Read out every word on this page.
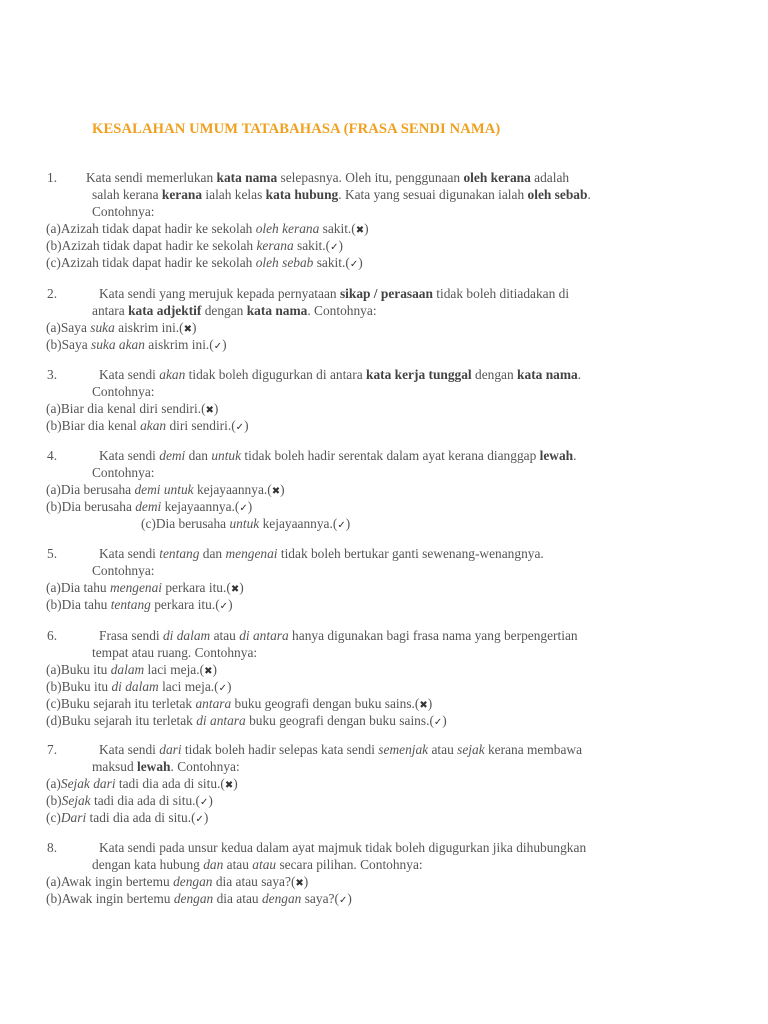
KESALAHAN UMUM TATABAHASA (FRASA SENDI NAMA)
1. Kata sendi memerlukan kata nama selepasnya. Oleh itu, penggunaan oleh kerana adalah
salah kerana kerana ialah kelas kata hubung. Kata yang sesuai digunakan ialah oleh sebab.
Contohnya:
(a)Azizah tidak dapat hadir ke sekolah oleh kerana sakit.(✖)
(b)Azizah tidak dapat hadir ke sekolah kerana sakit.(✓)
(c)Azizah tidak dapat hadir ke sekolah oleh sebab sakit.(✓)
2.	Kata sendi yang merujuk kepada pernyataan sikap / perasaan tidak boleh ditiadakan di
antara kata adjektif dengan kata nama. Contohnya:
(a)Saya suka aiskrim ini.(✖)
(b)Saya suka akan aiskrim ini.(✓)
3.	Kata sendi akan tidak boleh digugurkan di antara kata kerja tunggal dengan kata nama.
Contohnya:
(a)Biar dia kenal diri sendiri.(✖)
(b)Biar dia kenal akan diri sendiri.(✓)
4.	Kata sendi demi dan untuk tidak boleh hadir serentak dalam ayat kerana dianggap lewah.
Contohnya:
(a)Dia berusaha demi untuk kejayaannya.(✖)
(b)Dia berusaha demi kejayaannya.(✓)
(c)Dia berusaha untuk kejayaannya.(✓)
5.	Kata sendi tentang dan mengenai tidak boleh bertukar ganti sewenang-wenangnya.
Contohnya:
(a)Dia tahu mengenai perkara itu.(✖)
(b)Dia tahu tentang perkara itu.(✓)
6.	Frasa sendi di dalam atau di antara hanya digunakan bagi frasa nama yang berpengertian
tempat atau ruang. Contohnya:
(a)Buku itu dalam laci meja.(✖)
(b)Buku itu di dalam laci meja.(✓)
(c)Buku sejarah itu terletak antara buku geografi dengan buku sains.(✖)
(d)Buku sejarah itu terletak di antara buku geografi dengan buku sains.(✓)
7.	Kata sendi dari tidak boleh hadir selepas kata sendi semenjak atau sejak kerana membawa
maksud lewah. Contohnya:
(a)Sejak dari tadi dia ada di situ.(✖)
(b)Sejak tadi dia ada di situ.(✓)
(c)Dari tadi dia ada di situ.(✓)
8.	Kata sendi pada unsur kedua dalam ayat majmuk tidak boleh digugurkan jika dihubungkan
dengan kata hubung dan atau atau secara pilihan. Contohnya:
(a)Awak ingin bertemu dengan dia atau saya?(✖)
(b)Awak ingin bertemu dengan dia atau dengan saya?(✓)
